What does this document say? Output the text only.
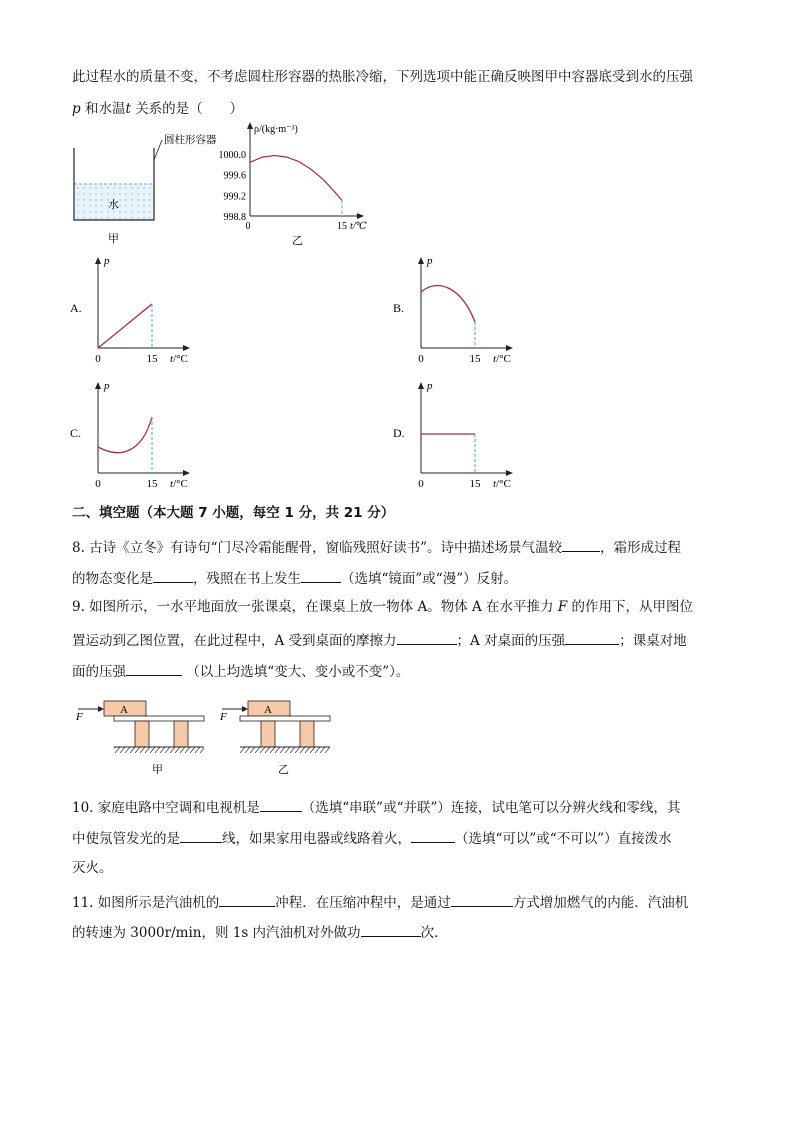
此过程水的质量不变，不考虑圆柱形容器的热胀冷缩，下列选项中能正确反映图甲中容器底受到水的压强
p 和水温t 关系的是（　　）
圆柱形容器
水
甲
ρ/(kg·m⁻³)
1000.0
999.6
999.2
998.8
0	15 t/℃
乙
A.
p
0	15 t/°C
B.
p
0	15 t/°C
C.
p
0	15 t/°C
D.
p
0	15 t/°C
二、填空题（本大题 7 小题，每空 1 分，共 21 分）
8. 古诗《立冬》有诗句“门尽冷霜能醒骨，窗临残照好读书”。诗中描述场景气温较	，霜形成过程
的物态变化是	，残照在书上发生	（选填“镜面”或“漫”）反射。
9. 如图所示，一水平地面放一张课桌，在课桌上放一物体 A。物体 A 在水平推力 F 的作用下，从甲图位
置运动到乙图位置，在此过程中，A 受到桌面的摩擦力	；A 对桌面的压强	；课桌对地
面的压强	（以上均选填“变大、变小或不变”）。
A
F
甲
A
F
乙
10. 家庭电路中空调和电视机是	（选填“串联”或“并联”）连接，试电笔可以分辨火线和零线，其
中使氖管发光的是	线，如果家用电器或线路着火，	（选填“可以”或“不可以”）直接泼水
灭火。
11. 如图所示是汽油机的	冲程．在压缩冲程中，是通过	方式增加燃气的内能．汽油机
的转速为 3000r/min，则 1s 内汽油机对外做功	次．
